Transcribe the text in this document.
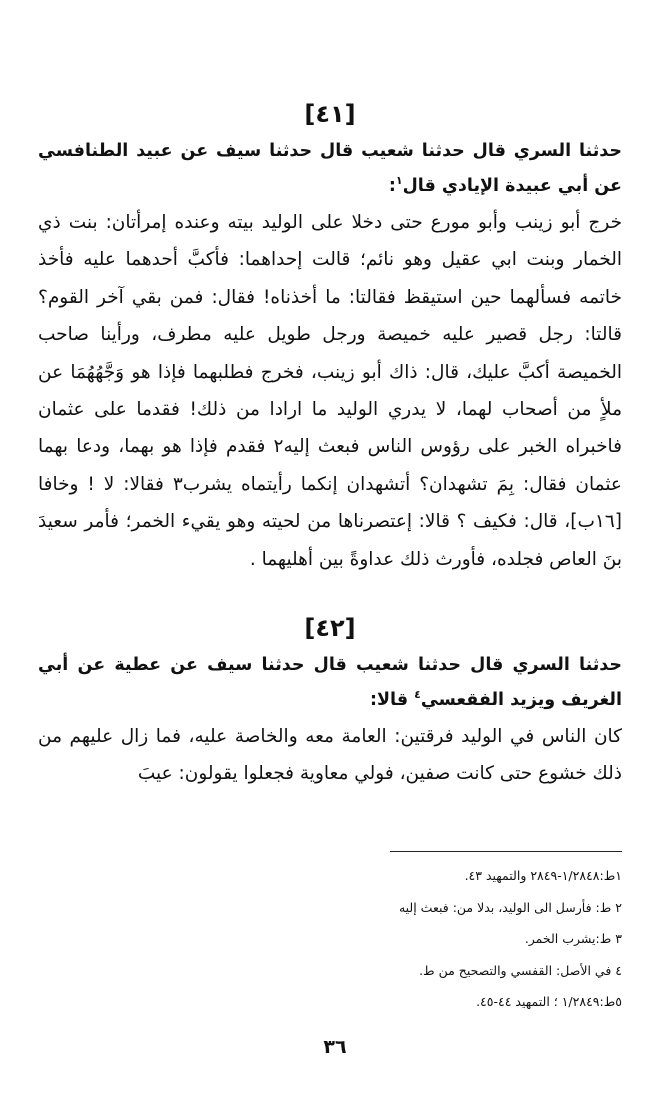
[٤١]

حدثنا السري قال حدثنا شعيب قال حدثنا سيف عن عبيد الطنافسي عن أبي عبيدة الإيادي قال$^١$:

خرج أبو زينب وأبو مورع حتى دخلا على الوليد بيته وعنده إمرأتان: بنت ذي الخمار وبنت ابي عقيل وهو نائم؛ قالت إحداهما: فأكبَّ أحدهما عليه فأخذ خاتمه فسألهما حين استيقظ فقالتا: ما أخذناه! فقال: فمن بقي آخر القوم؟ قالتا: رجل قصير عليه خميصة ورجل طويل عليه مطرف، ورأينا صاحب الخميصة أكبَّ عليك، قال: ذاك أبو زينب، فخرج فطلبهما فإذا هو وَجَّهُهُمَا عن ملأٍ من أصحاب لهما، لا يدري الوليد ما ارادا من ذلك! فقدما على عثمان فاخبراه الخبر على رؤوس الناس فبعث إليه٢ فقدم فإذا هو بهما، ودعا بهما عثمان فقال: بِمَ تشهدان؟ أتشهدان إنكما رأيتماه يشرب٣ فقالا: لا ! وخافا [١٦ب]، قال: فكيف ؟ قالا: إعتصرناها من لحيته وهو يقيء الخمر؛ فأمر سعيدَ بنَ العاص فجلده، فأورث ذلك عداوةً بين أهليهما .

[٤٢]

حدثنا السري قال حدثنا شعيب قال حدثنا سيف عن عطية عن أبي الغريف ويزيد الفقعسي$^٤$ قالا:

كان الناس في الوليد فرقتين: العامة معه والخاصة عليه، فما زال عليهم من ذلك خشوع حتى كانت صفين، فولي معاوية فجعلوا يقولون: عيبَ

١ط:١/٢٨٤٨-٢٨٤٩ والتمهيد ٤٣.

٢ ط: فأرسل الى الوليد، بدلا من: فبعث إليه

٣ ط:يشرب الخمر.

٤ في الأصل: القفسي والتصحيح من ط.

٥ط:١/٢٨٤٩ ؛ التمهيد ٤٤-٤٥.

٣٦
